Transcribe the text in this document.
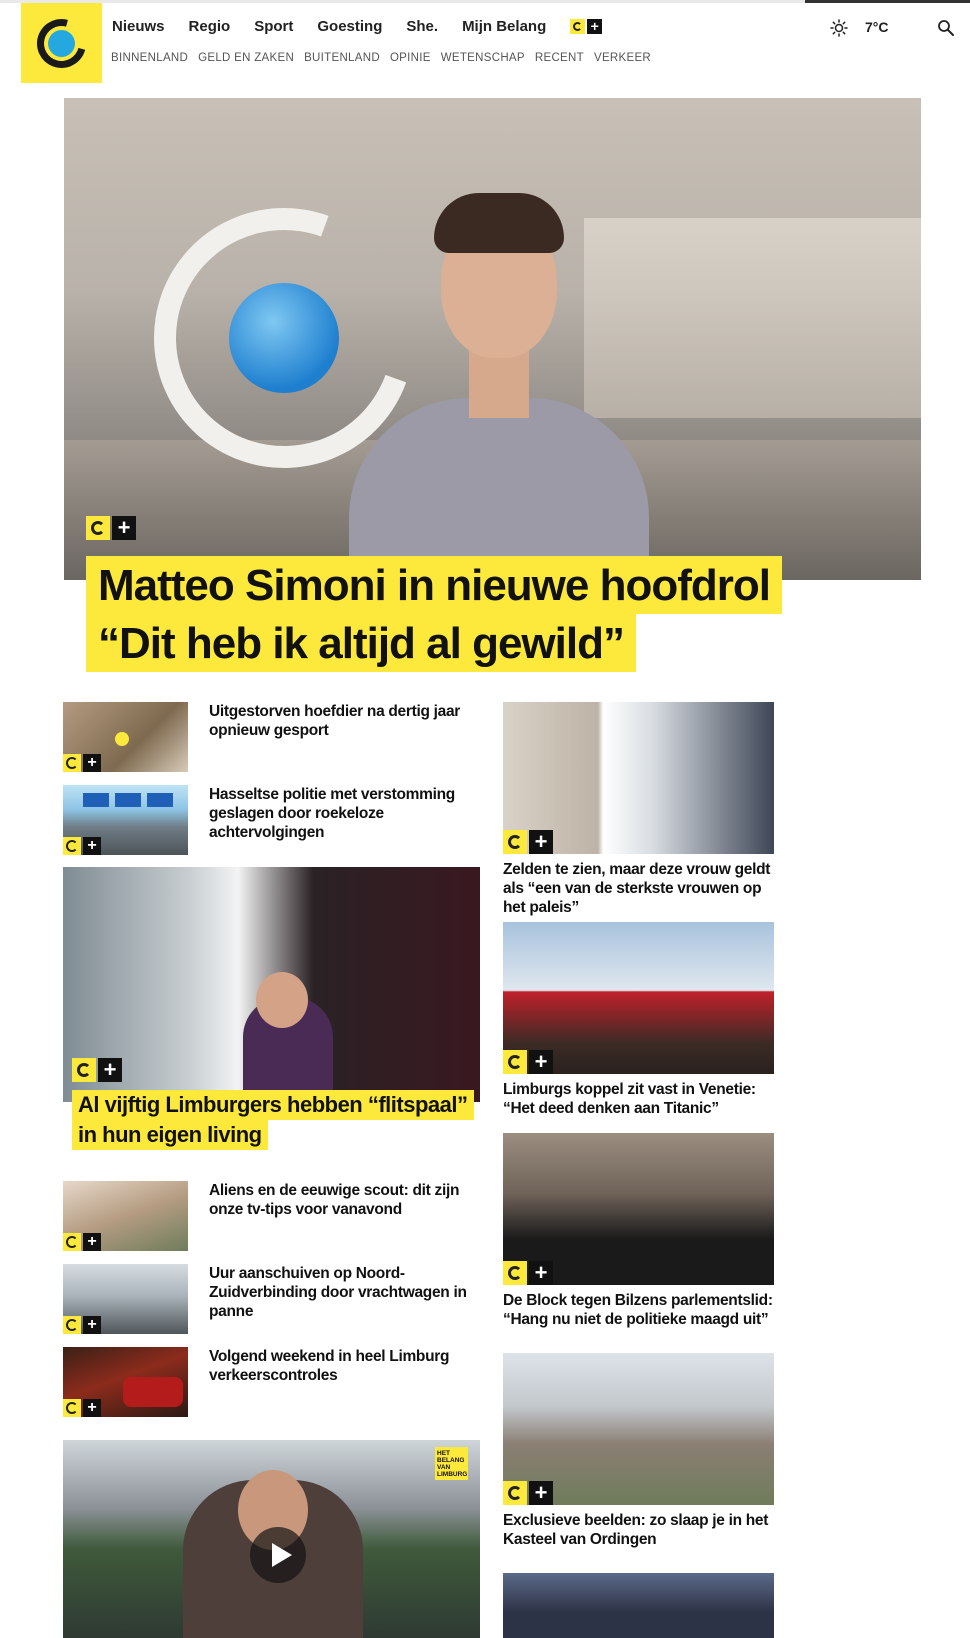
Nieuws Regio Sport Goesting She. Mijn Belang	+
BINNENLAND GELD EN ZAKEN BUITENLAND OPINIE WETENSCHAP RECENT VERKEER
7°C
+
Matteo Simoni in nieuwe hoofdrol
“Dit heb ik altijd al gewild”
+
Uitgestorven hoefdier na dertig jaar opnieuw gesport
+
Hasseltse politie met verstomming geslagen door roekeloze achtervolgingen
+
Al vijftig Limburgers hebben “flitspaal”
in hun eigen living
+
Aliens en de eeuwige scout: dit zijn onze tv-tips voor vanavond
+
Uur aanschuiven op Noord-Zuidverbinding door vrachtwagen in panne
+
Volgend weekend in heel Limburg verkeerscontroles
HET BELANG VAN LIMBURG
+
Zelden te zien, maar deze vrouw geldt als “een van de sterkste vrouwen op het paleis”
+
Limburgs koppel zit vast in Venetie: “Het deed denken aan Titanic”
+
De Block tegen Bilzens parlementslid: “Hang nu niet de politieke maagd uit”
+
Exclusieve beelden: zo slaap je in het Kasteel van Ordingen
